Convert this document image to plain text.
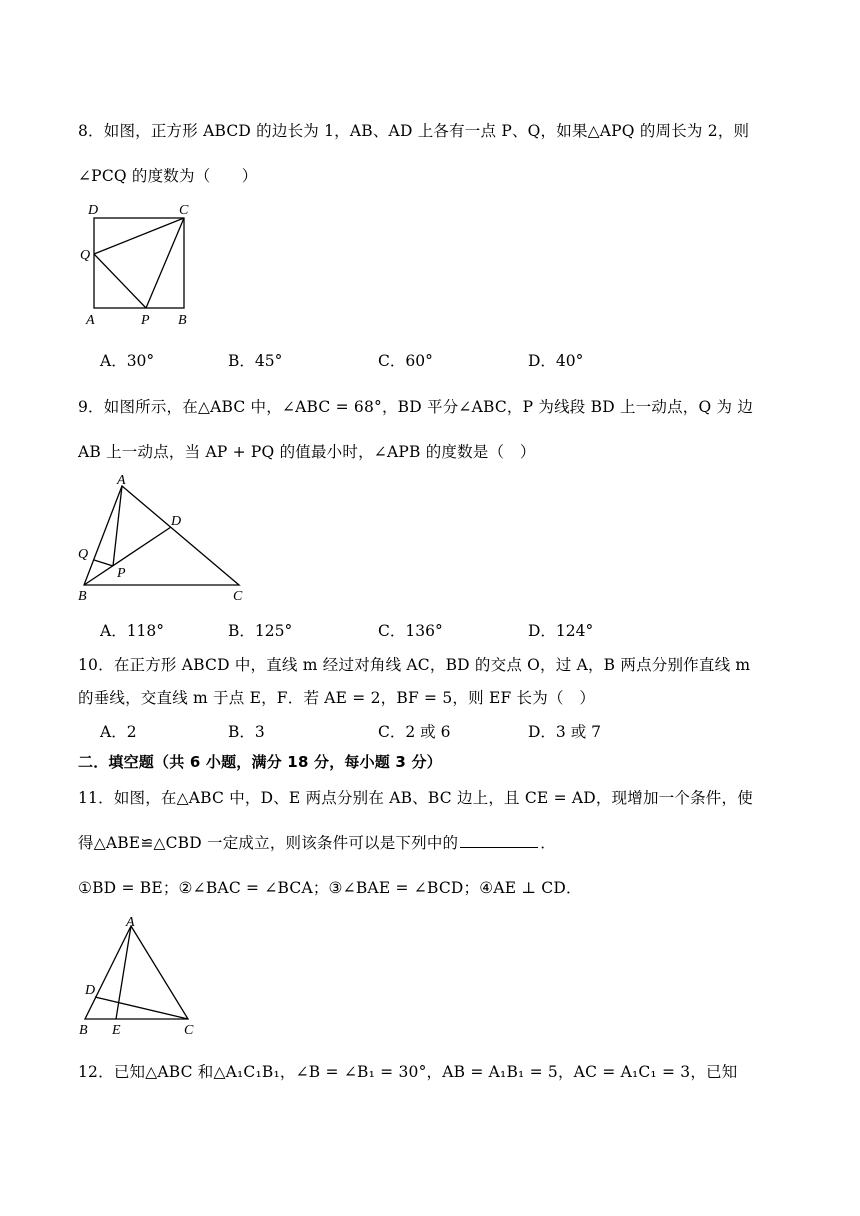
8．如图，正方形 ABCD 的边长为 1，AB、AD 上各有一点 P、Q，如果△APQ 的周长为 2，则
∠PCQ 的度数为（　　）
D	C
Q
A	P B
A．30°	B．45°	C．60°	D．40°
9．如图所示，在△ABC 中，∠ABC = 68°，BD 平分∠ABC，P 为线段 BD 上一动点，Q 为 边
AB 上一动点，当 AP + PQ 的值最小时，∠APB 的度数是（　）
A
D
Q
P
B	C
A．118°	B．125°	C．136°	D．124°
10．在正方形 ABCD 中，直线 m 经过对角线 AC，BD 的交点 O，过 A，B 两点分别作直线 m
的垂线，交直线 m 于点 E，F．若 AE = 2，BF = 5，则 EF 长为（　）
A．2	B．3	C．2 或 6	D．3 或 7
二．填空题（共 6 小题，满分 18 分，每小题 3 分）
11．如图，在△ABC 中，D、E 两点分别在 AB、BC 边上，且 CE = AD，现增加一个条件，使
得△ABE≌△CBD 一定成立，则该条件可以是下列中的	．
①BD = BE；②∠BAC = ∠BCA；③∠BAE = ∠BCD；④AE ⊥ CD．
A
D
B E	C
12．已知△ABC 和△A₁C₁B₁，∠B = ∠B₁ = 30°，AB = A₁B₁ = 5，AC = A₁C₁ = 3，已知
